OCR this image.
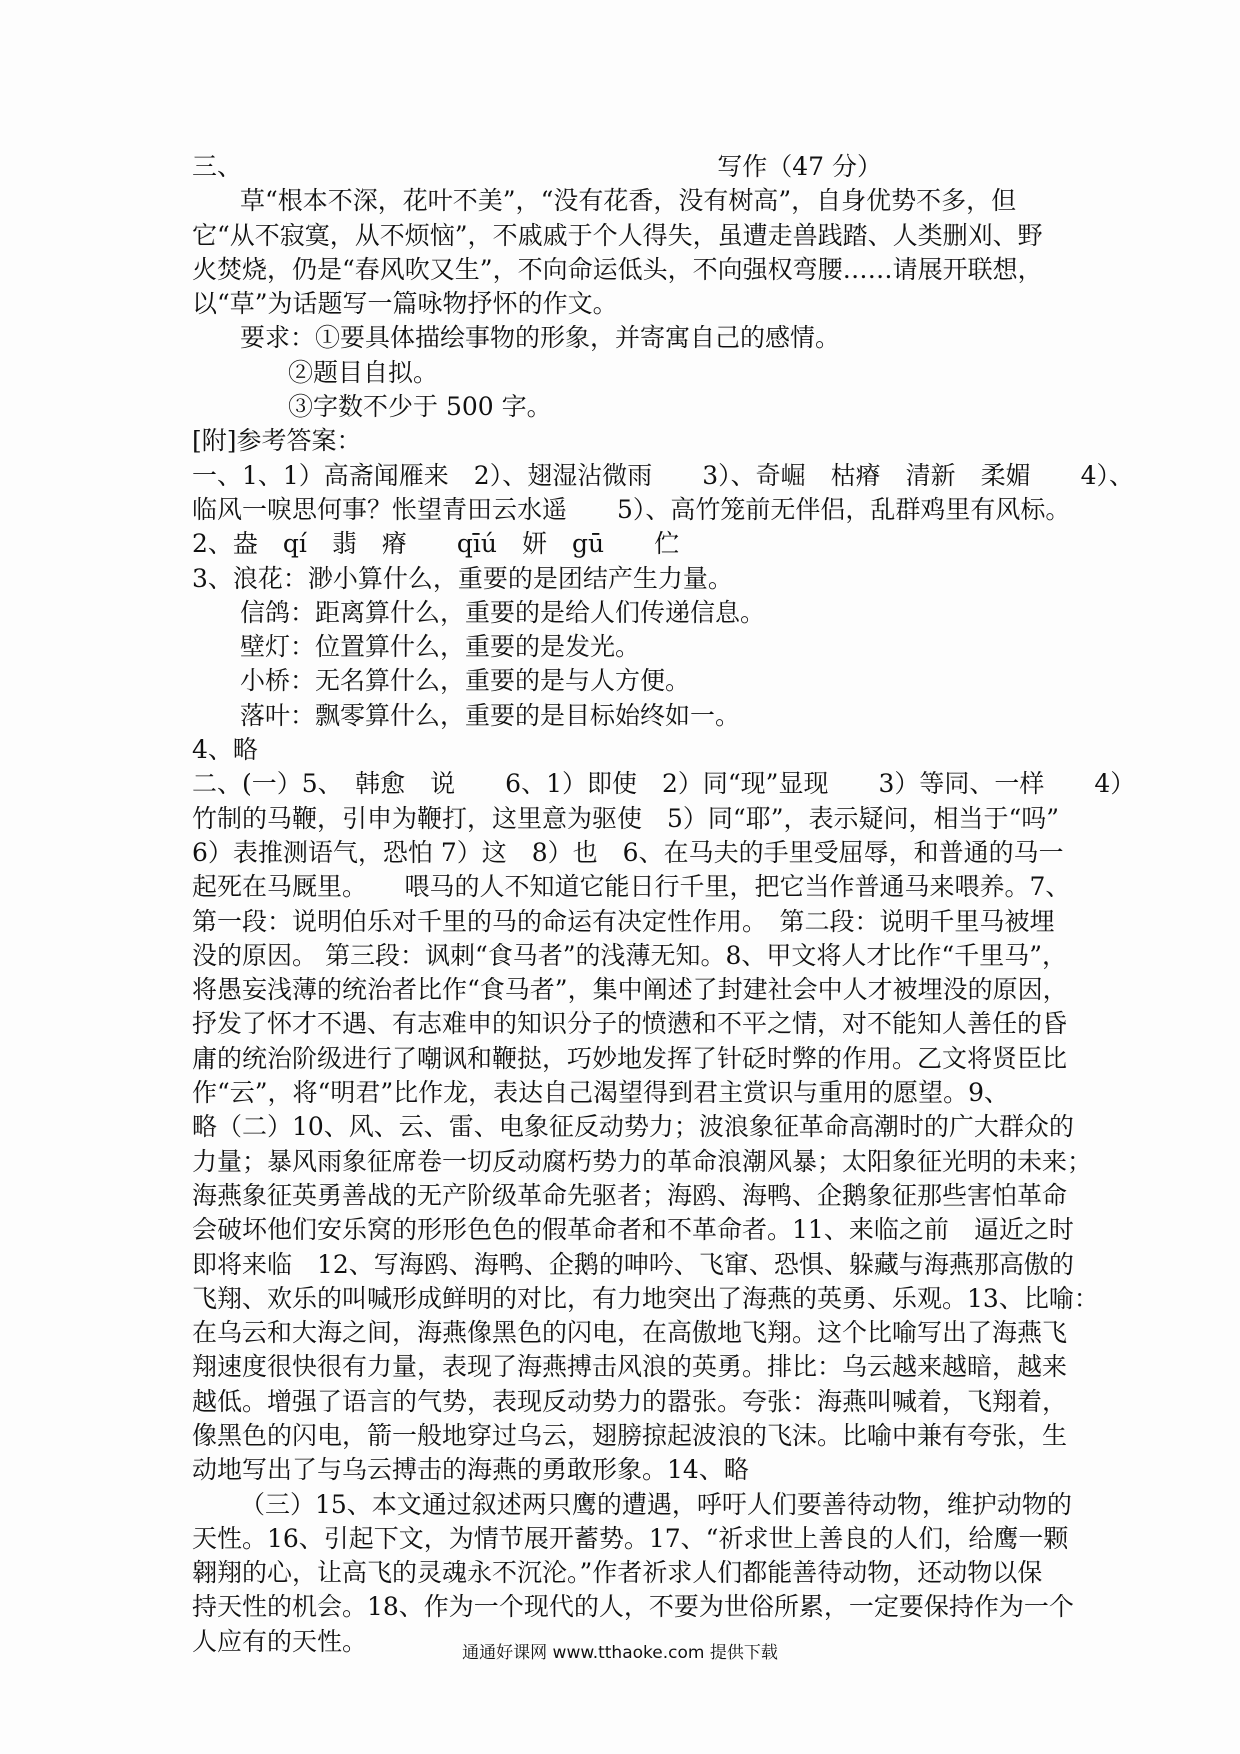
三、	写作（47 分）
草“根本不深，花叶不美”，“没有花香，没有树高”，自身优势不多，但
它“从不寂寞，从不烦恼”，不戚戚于个人得失，虽遭走兽践踏、人类删刈、野
火焚烧，仍是“春风吹又生”，不向命运低头，不向强权弯腰……请展开联想，
以“草”为话题写一篇咏物抒怀的作文。
要求：①要具体描绘事物的形象，并寄寓自己的感情。
②题目自拟。
③字数不少于 500 字。
[附]参考答案：
一、1、1）高斋闻雁来　2）、翅湿沾微雨　　3）、奇崛　枯瘠　清新　柔媚　　4）、
临风一唳思何事？怅望青田云水遥　　5）、高竹笼前无伴侣，乱群鸡里有风标。
2、盎　qí　翡　瘠　　qīú　妍　gū　　伫
3、浪花：渺小算什么，重要的是团结产生力量。
信鸽：距离算什么，重要的是给人们传递信息。
壁灯：位置算什么，重要的是发光。
小桥：无名算什么，重要的是与人方便。
落叶：飘零算什么，重要的是目标始终如一。
4、略
二、(一）5、　韩愈　说　　6、1）即使　2）同“现”显现　　3）等同、一样　　4）
竹制的马鞭，引申为鞭打，这里意为驱使　5）同“耶”，表示疑问，相当于“吗”
6）表推测语气，恐怕 7）这　8）也　6、在马夫的手里受屈辱，和普通的马一
起死在马厩里。　　喂马的人不知道它能日行千里，把它当作普通马来喂养。7、
第一段：说明伯乐对千里的马的命运有决定性作用。　第二段：说明千里马被埋
没的原因。 第三段：讽刺“食马者”的浅薄无知。8、甲文将人才比作“千里马”，
将愚妄浅薄的统治者比作“食马者”，集中阐述了封建社会中人才被埋没的原因，
抒发了怀才不遇、有志难申的知识分子的愤懑和不平之情，对不能知人善任的昏
庸的统治阶级进行了嘲讽和鞭挞，巧妙地发挥了针砭时弊的作用。乙文将贤臣比
作“云”，将“明君”比作龙，表达自己渴望得到君主赏识与重用的愿望。9、
略（二）10、风、云、雷、电象征反动势力；波浪象征革命高潮时的广大群众的
力量；暴风雨象征席卷一切反动腐朽势力的革命浪潮风暴；太阳象征光明的未来；
海燕象征英勇善战的无产阶级革命先驱者；海鸥、海鸭、企鹅象征那些害怕革命
会破坏他们安乐窝的形形色色的假革命者和不革命者。11、来临之前　逼近之时
即将来临　12、写海鸥、海鸭、企鹅的呻吟、飞窜、恐惧、躲藏与海燕那高傲的
飞翔、欢乐的叫喊形成鲜明的对比，有力地突出了海燕的英勇、乐观。13、比喻：
在乌云和大海之间，海燕像黑色的闪电，在高傲地飞翔。这个比喻写出了海燕飞
翔速度很快很有力量，表现了海燕搏击风浪的英勇。排比：乌云越来越暗，越来
越低。增强了语言的气势，表现反动势力的嚣张。夸张：海燕叫喊着，飞翔着，
像黑色的闪电，箭一般地穿过乌云，翅膀掠起波浪的飞沫。比喻中兼有夸张，生
动地写出了与乌云搏击的海燕的勇敢形象。14、略
（三）15、本文通过叙述两只鹰的遭遇，呼吁人们要善待动物，维护动物的
天性。16、引起下文，为情节展开蓄势。17、“祈求世上善良的人们，给鹰一颗
翱翔的心，让高飞的灵魂永不沉沦。”作者祈求人们都能善待动物，还动物以保
持天性的机会。18、作为一个现代的人，不要为世俗所累，一定要保持作为一个
人应有的天性。	通通好课网 www.tthaoke.com 提供下载
